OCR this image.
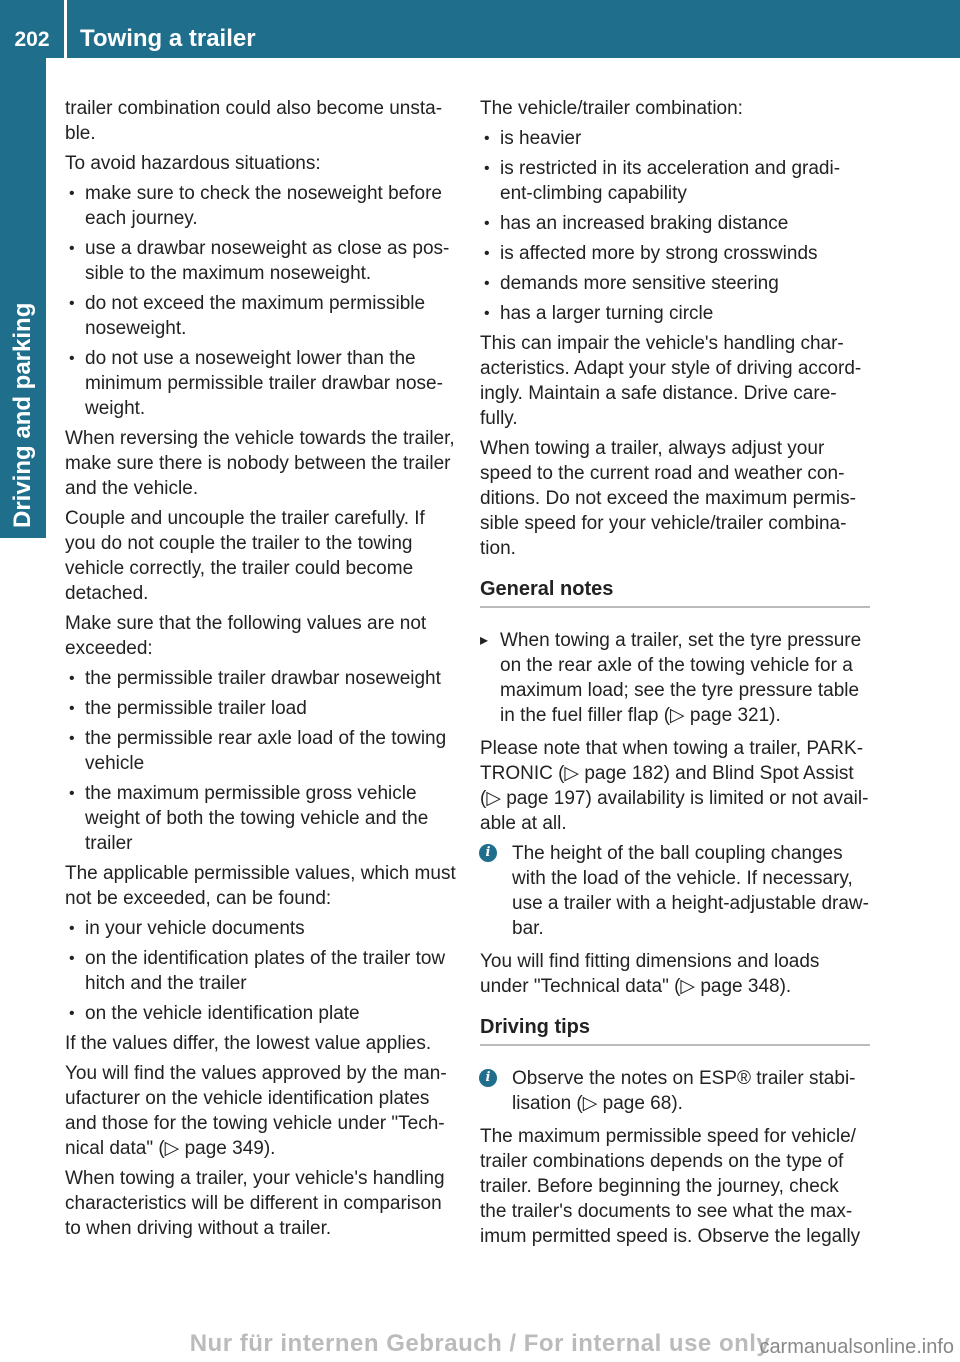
202	Towing a trailer
Driving and parking

trailer combination could also become unsta-ble.

To avoid hazardous situations:

• make sure to check the noseweight before each journey.
• use a drawbar noseweight as close as pos-sible to the maximum noseweight.
• do not exceed the maximum permissible noseweight.
• do not use a noseweight lower than the minimum permissible trailer drawbar nose-weight.

When reversing the vehicle towards the trailer, make sure there is nobody between the trailer and the vehicle.

Couple and uncouple the trailer carefully. If you do not couple the trailer to the towing vehicle correctly, the trailer could become detached.

Make sure that the following values are not exceeded:

• the permissible trailer drawbar noseweight
• the permissible trailer load
• the permissible rear axle load of the towing vehicle
• the maximum permissible gross vehicle weight of both the towing vehicle and the trailer

The applicable permissible values, which must not be exceeded, can be found:

• in your vehicle documents
• on the identification plates of the trailer tow hitch and the trailer
• on the vehicle identification plate

If the values differ, the lowest value applies.

You will find the values approved by the man-ufacturer on the vehicle identification plates and those for the towing vehicle under "Tech-nical data" (▷ page 349).

When towing a trailer, your vehicle's handling characteristics will be different in comparison to when driving without a trailer.

The vehicle/trailer combination:

• is heavier
• is restricted in its acceleration and gradi-ent-climbing capability
• has an increased braking distance
• is affected more by strong crosswinds
• demands more sensitive steering
• has a larger turning circle

This can impair the vehicle's handling char-acteristics. Adapt your style of driving accord-ingly. Maintain a safe distance. Drive care-fully.

When towing a trailer, always adjust your speed to the current road and weather con-ditions. Do not exceed the maximum permis-sible speed for your vehicle/trailer combina-tion.

General notes
▸ When towing a trailer, set the tyre pressure on the rear axle of the towing vehicle for a maximum load; see the tyre pressure table in the fuel filler flap (▷ page 321).

Please note that when towing a trailer, PARK-TRONIC (▷ page 182) and Blind Spot Assist (▷ page 197) availability is limited or not avail-able at all.

i	The height of the ball coupling changes with the load of the vehicle. If necessary, use a trailer with a height-adjustable draw-bar.

You will find fitting dimensions and loads under "Technical data" (▷ page 348).

Driving tips
i	Observe the notes on ESP® trailer stabi-lisation (▷ page 68).

The maximum permissible speed for vehicle/ trailer combinations depends on the type of trailer. Before beginning the journey, check the trailer's documents to see what the max-imum permitted speed is. Observe the legally

Nur für internen Gebrauch / For internal use only
carmanualsonline.info
